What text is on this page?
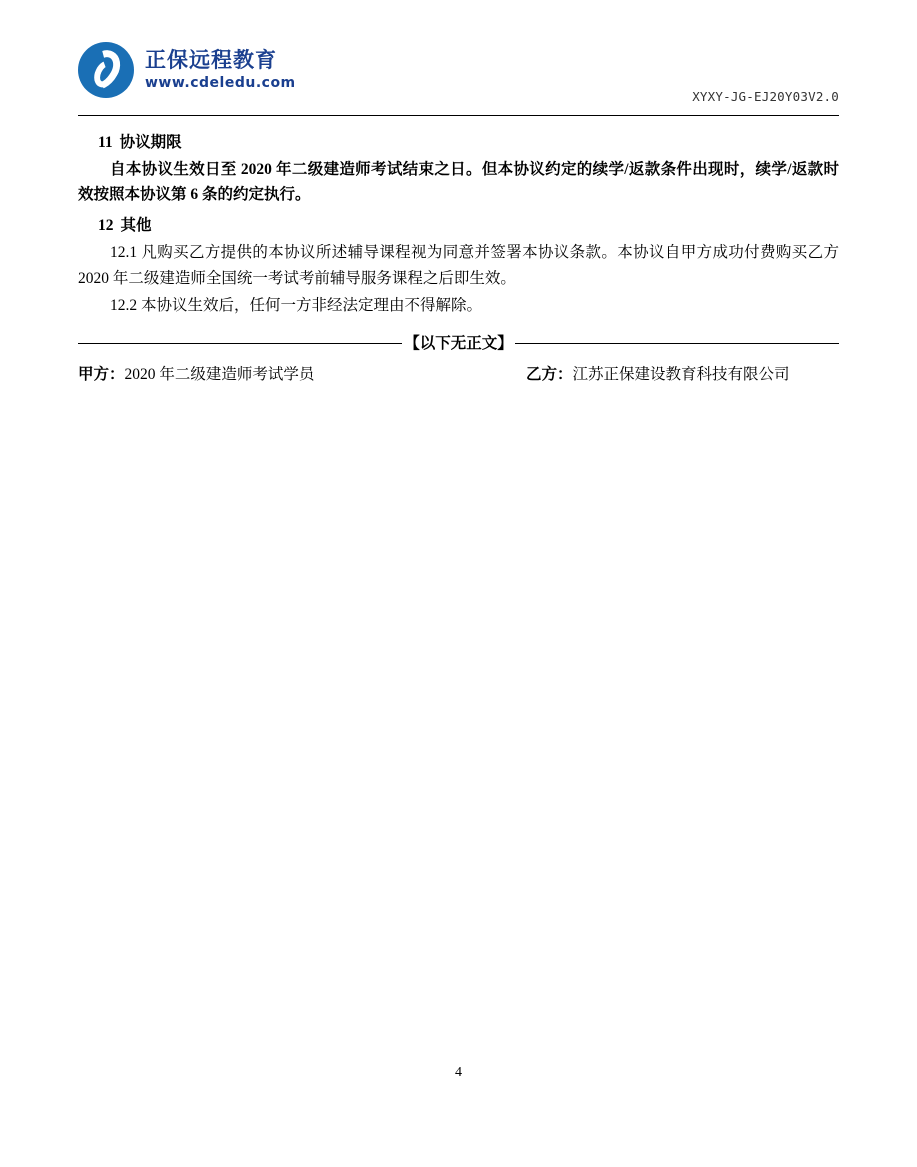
正保远程教育
www.cdeledu.com
XYXY-JG-EJ20Y03V2.0
11 协议期限

自本协议生效日至 2020 年二级建造师考试结束之日。但本协议约定的续学/返款条件出现时，续学/返款时效按照本协议第 6 条的约定执行。

12 其他

12.1 凡购买乙方提供的本协议所述辅导课程视为同意并签署本协议条款。本协议自甲方成功付费购买乙方 2020 年二级建造师全国统一考试考前辅导服务课程之后即生效。

12.2 本协议生效后，任何一方非经法定理由不得解除。

【以下无正文】
甲方：2020 年二级建造师考试学员	乙方：江苏正保建设教育科技有限公司
4
